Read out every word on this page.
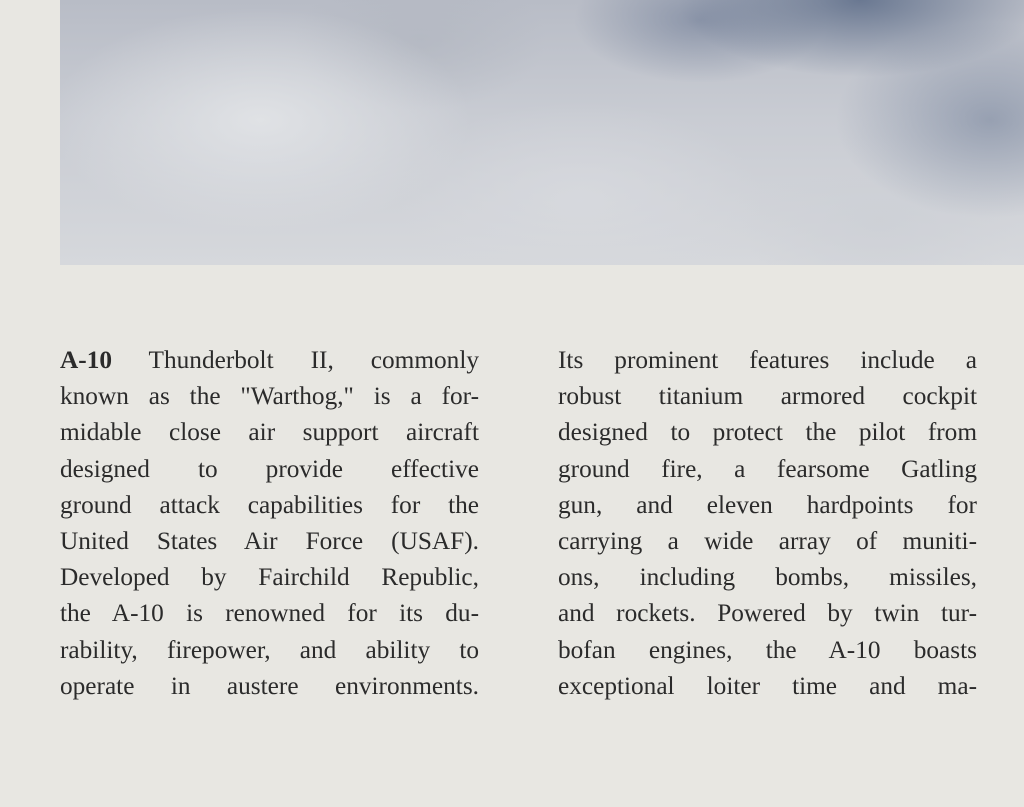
A-10 Thunderbolt II, commonly
known as the "Warthog," is a for-
midable close air support aircraft
designed to provide effective
ground attack capabilities for the
United States Air Force (USAF).
Developed by Fairchild Republic,
the A-10 is renowned for its du-
rability, firepower, and ability to
operate in austere environments.
Its prominent features include a
robust titanium armored cockpit
designed to protect the pilot from
ground fire, a fearsome Gatling
gun, and eleven hardpoints for
carrying a wide array of muniti-
ons, including bombs, missiles,
and rockets. Powered by twin tur-
bofan engines, the A-10 boasts
exceptional loiter time and ma-
